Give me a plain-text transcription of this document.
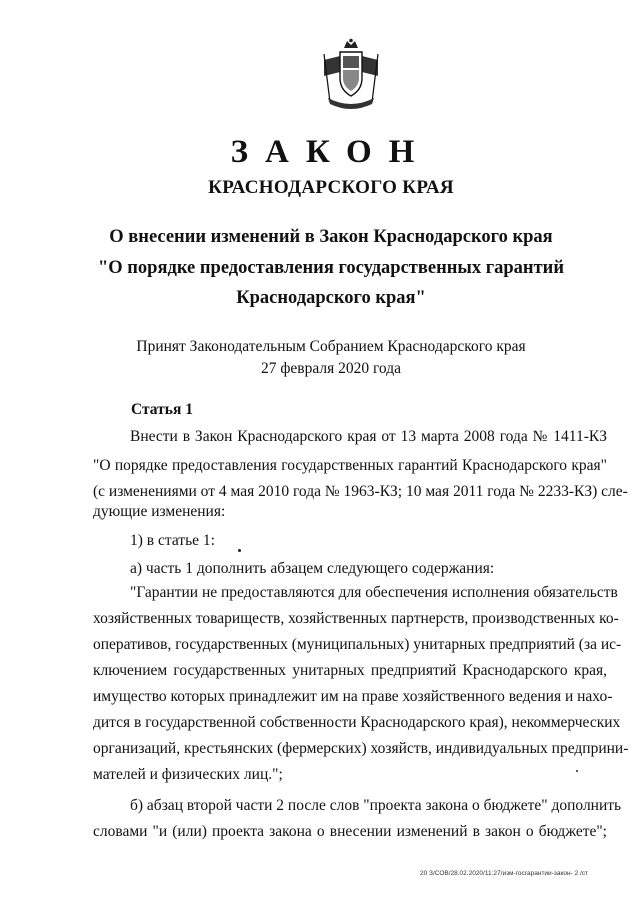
ЗАКОН
КРАСНОДАРСКОГО КРАЯ
О внесении изменений в Закон Краснодарского края
"О порядке предоставления государственных гарантий
Краснодарского края"
Принят Законодательным Собранием Краснодарского края
27 февраля 2020 года
Статья 1
Внести в Закон Краснодарского края от 13 марта 2008 года № 1411-КЗ
"О порядке предоставления государственных гарантий Краснодарского края"
(с изменениями от 4 мая 2010 года № 1963-КЗ; 10 мая 2011 года № 2233-КЗ) сле-
дующие изменения:
1) в статье 1:
а) часть 1 дополнить абзацем следующего содержания:
"Гарантии не предоставляются для обеспечения исполнения обязательств
хозяйственных товариществ, хозяйственных партнерств, производственных ко-
оперативов, государственных (муниципальных) унитарных предприятий (за ис-
ключением государственных унитарных предприятий Краснодарского края,
имущество которых принадлежит им на праве хозяйственного ведения и нахо-
дится в государственной собственности Краснодарского края), некоммерческих
организаций, крестьянских (фермерских) хозяйств, индивидуальных предприни-
мателей и физических лиц.";
б) абзац второй части 2 после слов "проекта закона о бюджете" дополнить
словами "и (или) проекта закона о внесении изменений в закон о бюджете";
20 З/СОВ/28.02.2020/11:27/изм-госгарантии-закон- 2 /ст
